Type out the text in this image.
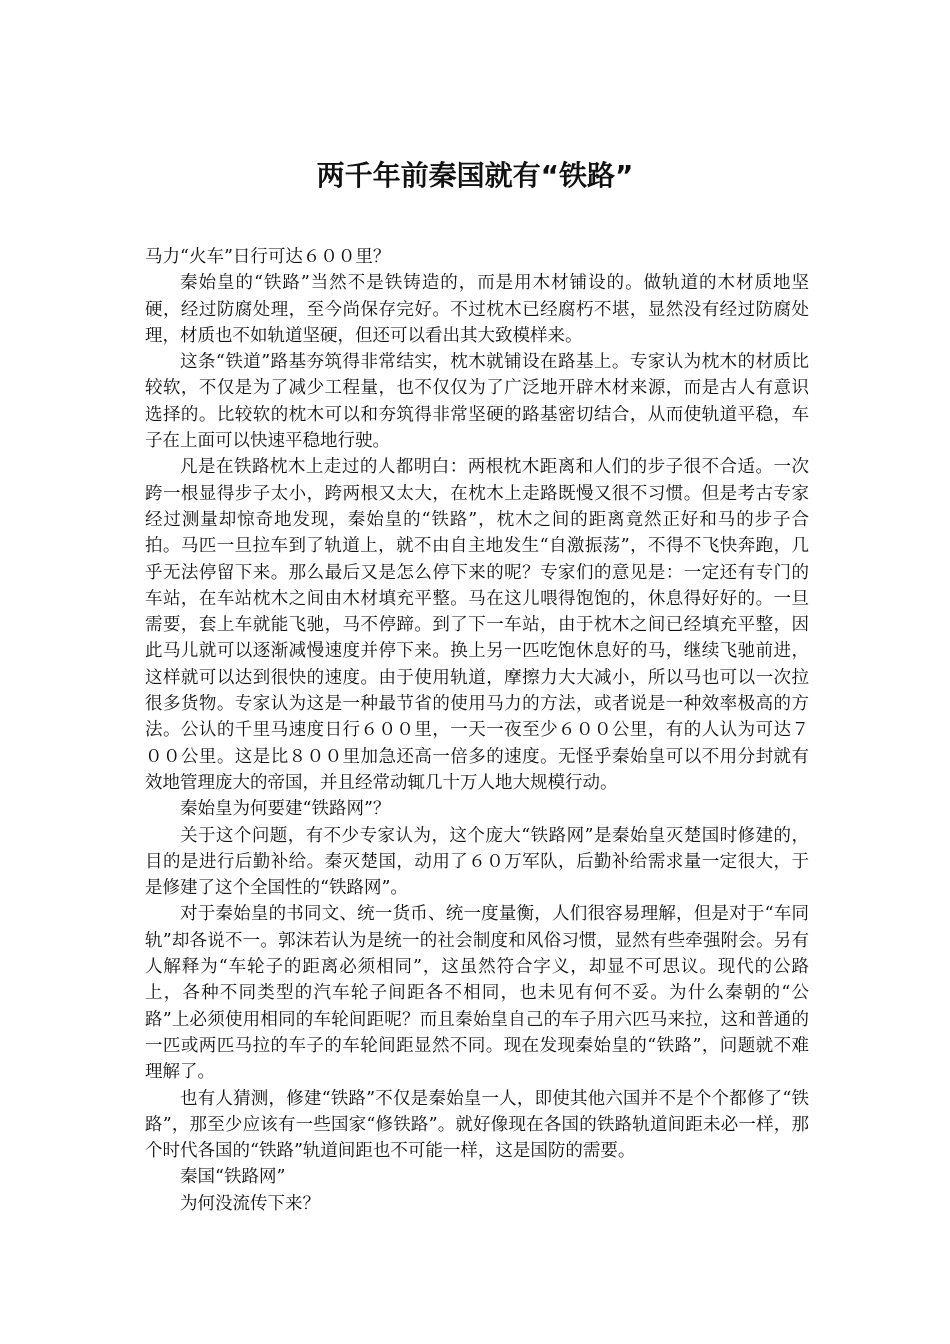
两千年前秦国就有“铁路”

马力“火车”日行可达６００里？

秦始皇的“铁路”当然不是铁铸造的，而是用木材铺设的。做轨道的木材质地坚硬，经过防腐处理，至今尚保存完好。不过枕木已经腐朽不堪，显然没有经过防腐处理，材质也不如轨道坚硬，但还可以看出其大致模样来。

这条“铁道”路基夯筑得非常结实，枕木就铺设在路基上。专家认为枕木的材质比较软，不仅是为了减少工程量，也不仅仅为了广泛地开辟木材来源，而是古人有意识选择的。比较软的枕木可以和夯筑得非常坚硬的路基密切结合，从而使轨道平稳，车子在上面可以快速平稳地行驶。

凡是在铁路枕木上走过的人都明白：两根枕木距离和人们的步子很不合适。一次跨一根显得步子太小，跨两根又太大，在枕木上走路既慢又很不习惯。但是考古专家经过测量却惊奇地发现，秦始皇的“铁路”，枕木之间的距离竟然正好和马的步子合拍。马匹一旦拉车到了轨道上，就不由自主地发生“自激振荡”，不得不飞快奔跑，几乎无法停留下来。那么最后又是怎么停下来的呢？专家们的意见是：一定还有专门的车站，在车站枕木之间由木材填充平整。马在这儿喂得饱饱的，休息得好好的。一旦需要，套上车就能飞驰，马不停蹄。到了下一车站，由于枕木之间已经填充平整，因此马儿就可以逐渐减慢速度并停下来。换上另一匹吃饱休息好的马，继续飞驰前进，这样就可以达到很快的速度。由于使用轨道，摩擦力大大减小，所以马也可以一次拉很多货物。专家认为这是一种最节省的使用马力的方法，或者说是一种效率极高的方法。公认的千里马速度日行６００里，一天一夜至少６００公里，有的人认为可达７００公里。这是比８００里加急还高一倍多的速度。无怪乎秦始皇可以不用分封就有效地管理庞大的帝国，并且经常动辄几十万人地大规模行动。

秦始皇为何要建“铁路网”？

关于这个问题，有不少专家认为，这个庞大“铁路网”是秦始皇灭楚国时修建的，目的是进行后勤补给。秦灭楚国，动用了６０万军队，后勤补给需求量一定很大，于是修建了这个全国性的“铁路网”。

对于秦始皇的书同文、统一货币、统一度量衡，人们很容易理解，但是对于“车同轨”却各说不一。郭沫若认为是统一的社会制度和风俗习惯，显然有些牵强附会。另有人解释为“车轮子的距离必须相同”，这虽然符合字义，却显不可思议。现代的公路上，各种不同类型的汽车轮子间距各不相同，也未见有何不妥。为什么秦朝的“公路”上必须使用相同的车轮间距呢？而且秦始皇自己的车子用六匹马来拉，这和普通的一匹或两匹马拉的车子的车轮间距显然不同。现在发现秦始皇的“铁路”，问题就不难理解了。

也有人猜测，修建“铁路”不仅是秦始皇一人，即使其他六国并不是个个都修了“铁路”，那至少应该有一些国家“修铁路”。就好像现在各国的铁路轨道间距未必一样，那个时代各国的“铁路”轨道间距也不可能一样，这是国防的需要。

秦国“铁路网”

为何没流传下来？
